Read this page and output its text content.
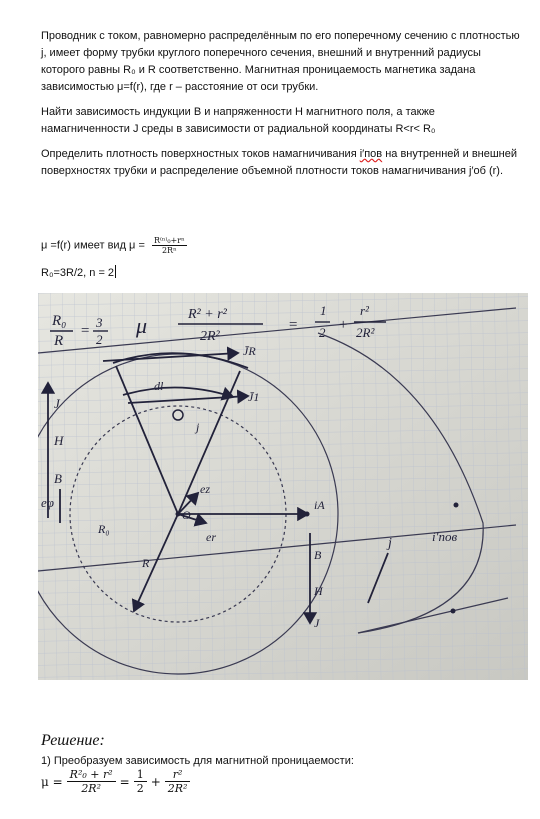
Проводник с током, равномерно распределённым по его поперечному сечению с плотностью j, имеет форму трубки круглого поперечного сечения, внешний и внутренний радиусы которого равны R₀ и R соответственно. Магнитная проницаемость магнетика задана зависимостью μ=f(r), где r – расстояние от оси трубки.

Найти зависимость индукции B и напряженности H магнитного поля, а также намагниченности J среды в зависимости от радиальной координаты R<r< R₀

Определить плотность поверхностных токов намагничивания i′пов на внутренней и внешней поверхностях трубки и распределение объемной плотности токов намагничивания j′об (r).

μ =f(r) имеет вид $\mu = \frac{\text{R⁽ⁿ⁾₀+rⁿ}}{\text{2Rⁿ}}$
R₀=3R/2, n = 2
R₀
R
=
3
2
μ	R² + r²
2R²
=
1
2 +
r²
2R²
J
H
B
eφ
J̄R
J̄1
dl
j
ez
er
O
R₀
R
iA
B
H
J
j	i′пов
Решение:
1) Преобразуем зависимость для магнитной проницаемости:
$\mu = \frac{\text{R²₀ + r²}}{\text{2R²}} = \frac{1}{2} + \frac{\text{r²}}{\text{2R²}}$
